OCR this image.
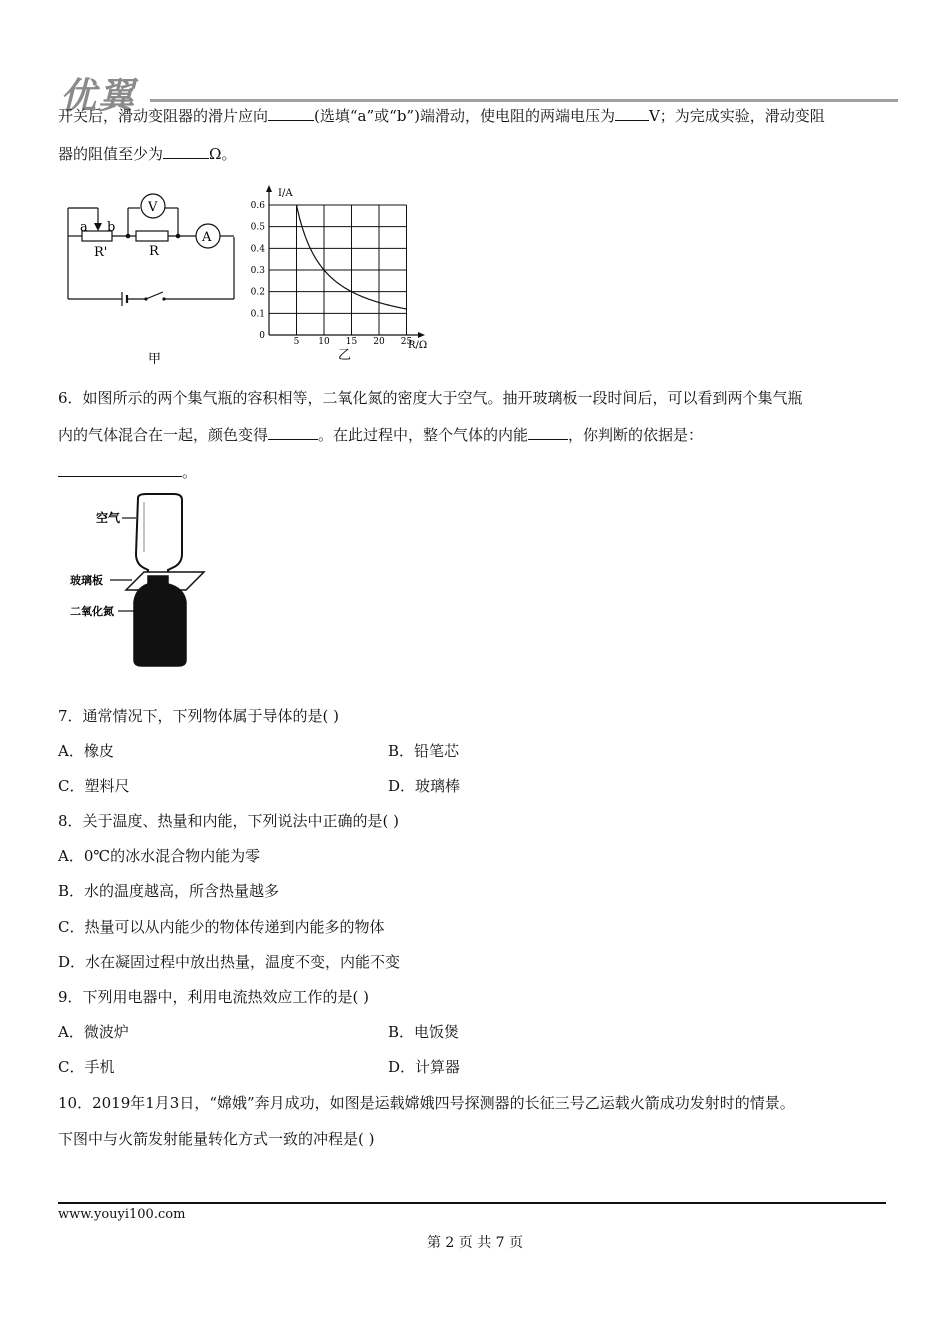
优翼
开关后，滑动变阻器的滑片应向	(选填“a”或“b”)端滑动，使电阻的两端电压为 V；为完成实验，滑动变阻
器的阻值至少为	Ω。
a b
R'	R
V
A
甲
0
0.1
0.2
0.3
0.4
0.5
0.6
5 10 15 20 25
I/A
R/Ω
乙
6．如图所示的两个集气瓶的容积相等，二氧化氮的密度大于空气。抽开玻璃板一段时间后，可以看到两个集气瓶
内的气体混合在一起，颜色变得	。在此过程中，整个气体的内能	，你判断的依据是：
。
空气
玻璃板
二氧化氮
7．通常情况下，下列物体属于导体的是( )
A．橡皮	B．铅笔芯
C．塑料尺	D．玻璃棒
8．关于温度、热量和内能，下列说法中正确的是( )
A．0℃的冰水混合物内能为零
B．水的温度越高，所含热量越多
C．热量可以从内能少的物体传递到内能多的物体
D．水在凝固过程中放出热量，温度不变，内能不变
9．下列用电器中，利用电流热效应工作的是( )
A．微波炉	B．电饭煲
C．手机	D．计算器
10．2019年1月3日，“嫦娥”奔月成功，如图是运载嫦娥四号探测器的长征三号乙运载火箭成功发射时的情景。
下图中与火箭发射能量转化方式一致的冲程是( )
www.youyi100.com
第 2 页 共 7 页
